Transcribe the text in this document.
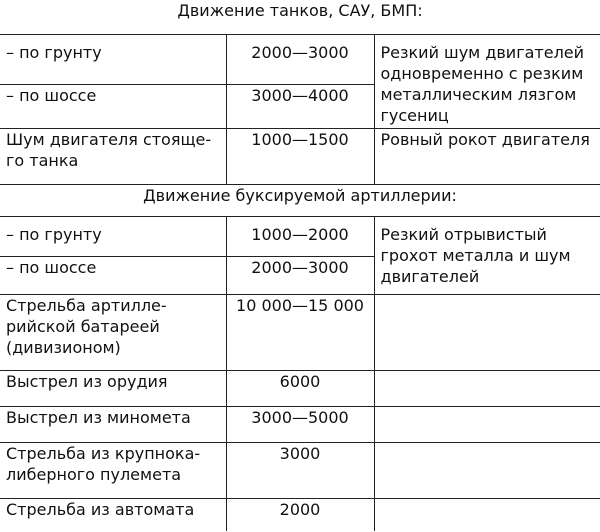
Движение танков, САУ, БМП:		
– по грунту	2000—3000	Резкий шум двигателей одновременно с резким металлическим лязгом гусениц
– по шоссе	3000—4000	

Шум двигателя стояще-
го танка	1000—1500	Ровный рокот двигателя
Движение буксируемой артиллерии:		
– по грунту	1000—2000	Резкий отрывистый грохот металла и шум двигателей
– по шоссе	2000—3000	

Стрельба артилле-
рийской батареей
(дивизионом)	10 000—15 000	
Выстрел из орудия	6000	
Выстрел из миномета	3000—5000	

Стрельба из крупнока-
либерного пулемета	3000	
Стрельба из автомата	2000	
